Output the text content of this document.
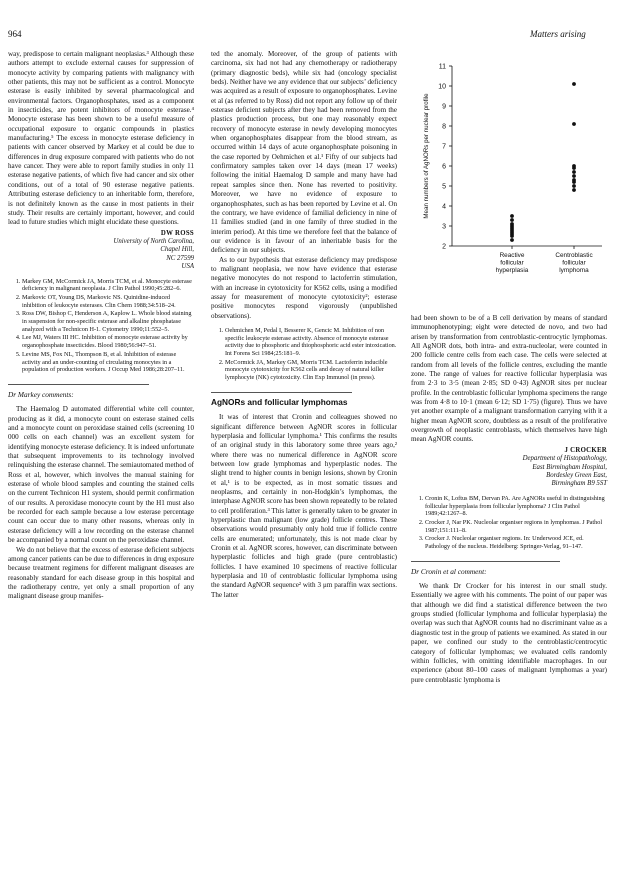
964	Matters arising

way, predispose to certain malignant neoplasias.³ Although these authors attempt to exclude external causes for suppression of monocyte activity by comparing patients with malignancy with other patients, this may not be sufficient as a control. Monocyte esterase is easily inhibited by several pharmacological and environmental factors. Organophosphates, used as a component in insecticides, are potent inhibitors of monocyte esterase.⁴ Monocyte esterase has been shown to be a useful measure of occupational exposure to organic compounds in plastics manufacturing.⁵ The excess in monocyte esterase deficiency in patients with cancer observed by Markey et al could be due to differences in drug exposure compared with patients who do not have cancer. They were able to report family studies in only 11 esterase negative patients, of which five had cancer and six other conditions, out of a total of 90 esterase negative patients. Attributing esterase deficiency to an inheritable form, therefore, is not definitely known as the cause in most patients in their study. Their results are certainly important, however, and could lead to future studies which might elucidate these questions.

DW ROSS
University of North Carolina,
Chapel Hill,
NC 27599
USA
1. Markey GM, McCormick JA, Morris TCM, et al. Monocyte esterase deficiency in malignant neoplasia. J Clin Pathol 1990;45:282–6.
2. Markovic OT, Young DS, Markovic NS. Quinidine-induced inhibition of leukocyte esterases. Clin Chem 1988;34:518–24.
3. Ross DW, Bishop C, Henderson A, Kaplow L. Whole blood staining in suspension for non-specific esterase and alkaline phosphatase analyzed with a Technicon H-1. Cytometry 1990;11:552–5.
4. Lee MJ, Waters III HC. Inhibition of monocyte esterase activity by organophosphate insecticides. Blood 1980;56:947–51.
5. Levine MS, Fox NL, Thompson B, et al. Inhibition of esterase activity and an under-counting of circulating monocytes in a population of production workers. J Occup Med 1986;28:207–11.
Dr Markey comments:

The Haemalog D automated differential white cell counter, producing as it did, a monocyte count on esterase stained cells and a monocyte count on peroxidase stained cells (screening 10 000 cells on each channel) was an excellent system for identifying monocyte esterase deficiency. It is indeed unfortunate that subsequent improvements to its technology involved relinquishing the esterase channel. The semiautomated method of Ross et al, however, which involves the manual staining for esterase of whole blood samples and counting the stained cells on the current Technicon H1 system, should permit confirmation of our results. A peroxidase monocyte count by the H1 must also be recorded for each sample because a low esterase percentage count can occur due to many other reasons, whereas only in esterase deficiency will a low recording on the esterase channel be accompanied by a normal count on the peroxidase channel.

We do not believe that the excess of esterase deficient subjects among cancer patients can be due to differences in drug exposure because treatment regimens for different malignant diseases are reasonably standard for each disease group in this hospital and the radiotherapy centre, yet only a small proportion of any malignant disease group manifes-

ted the anomaly. Moreover, of the group of patients with carcinoma, six had not had any chemotherapy or radiotherapy (primary diagnostic beds), while six had (oncology specialist beds). Neither have we any evidence that our subjects’ deficiency was acquired as a result of exposure to organophosphates. Levine et al (as referred to by Ross) did not report any follow up of their esterase deficient subjects after they had been removed from the plastics production process, but one may reasonably expect recovery of monocyte esterase in newly developing monocytes when organophosphates disappear from the blood stream, as occurred within 14 days of acute organophosphate poisoning in the case reported by Oehmichen et al.¹ Fifty of our subjects had confirmatory samples taken over 14 days (mean 17 weeks) following the initial Haemalog D sample and many have had repeat samples since then. None has reverted to positivity. Moreover, we have no evidence of exposure to organophosphates, such as has been reported by Levine et al. On the contrary, we have evidence of familial deficiency in nine of 11 families studied (and in one family of three studied in the interim period). At this time we therefore feel that the balance of our evidence is in favour of an inheritable basis for the deficiency in our subjects.

As to our hypothesis that esterase deficiency may predispose to malignant neoplasia, we now have evidence that esterase negative monocytes do not respond to lactoferrin stimulation, with an increase in cytotoxicity for K562 cells, using a modified assay for measurement of monocyte cytotoxicity²; esterase positive monocytes respond vigorously (unpublished observations).

1. Oehmichen M, Pedal I, Besserer K, Gencic M. Inhibition of non specific leukocyte esterase activity. Absence of monocyte esterase activity due to phosphoric and thiophosphoric acid ester intoxication. Int Forens Sci 1984;25:181–9.
2. McCormick JA, Markey GM, Morris TCM. Lactoferrin inducible monocyte cytotoxicity for K562 cells and decay of natural killer lymphocyte (NK) cytotoxicity. Clin Exp Immunol (in press).
AgNORs and follicular lymphomas

It was of interest that Cronin and colleagues showed no significant difference between AgNOR scores in follicular hyperplasia and follicular lymphoma.¹ This confirms the results of an original study in this laboratory some three years ago,² where there was no numerical difference in AgNOR score between low grade lymphomas and hyperplastic nodes. The slight trend to higher counts in benign lesions, shown by Cronin et al,¹ is to be expected, as in most somatic tissues and neoplasms, and certainly in non-Hodgkin’s lymphomas, the interphase AgNOR score has been shown repeatedly to be related to cell proliferation.³ This latter is generally taken to be greater in hyperplastic than malignant (low grade) follicle centres. These observations would presumably only hold true if follicle centre cells are enumerated; unfortunately, this is not made clear by Cronin et al. AgNOR scores, however, can discriminate between hyperplastic follicles and high grade (pure centroblastic) follicles. I have examined 10 specimens of reactive follicular hyperplasia and 10 of centroblastic follicular lymphoma using the standard AgNOR sequence² with 3 μm paraffin wax sections. The latter

2
3
4
5
6
7
8
9
10
11
Mean numbers of AgNORs per nuclear profile
Reactive
follicular
hyperplasia
Centroblastic
follicular
lymphoma

had been shown to be of a B cell derivation by means of standard immunophenotyping; eight were detected de novo, and two had arisen by transformation from centroblastic-centrocytic lymphomas. All AgNOR dots, both intra- and extra-nucleolar, were counted in 200 follicle centre cells from each case. The cells were selected at random from all levels of the follicle centres, excluding the mantle zone. The range of values for reactive follicular hyperplasia was from 2·3 to 3·5 (mean 2·85; SD 0·43) AgNOR sites per nuclear profile. In the centroblastic follicular lymphoma specimens the range was from 4·8 to 10·1 (mean 6·12; SD 1·75) (figure). Thus we have yet another example of a malignant transformation carrying with it a higher mean AgNOR score, doubtless as a result of the proliferative overgrowth of neoplastic centroblasts, which themselves have high mean AgNOR counts.

J CROCKER
Department of Histopathology,
East Birmingham Hospital,
Bordesley Green East,
Birmingham B9 5ST
1. Cronin K, Loftus BM, Dervan PA. Are AgNORs useful in distinguishing follicular hyperplasia from follicular lymphoma? J Clin Pathol 1989;42:1267–8.
2. Crocker J, Nar PK. Nucleolar organiser regions in lymphomas. J Pathol 1987;151:111–8.
3. Crocker J. Nucleolar organiser regions. In: Underwood JCE, ed. Pathology of the nucleus. Heidelberg: Springer-Verlag, 91–147.
Dr Cronin et al comment:

We thank Dr Crocker for his interest in our small study. Essentially we agree with his comments. The point of our paper was that although we did find a statistical difference between the two groups studied (follicular lymphoma and follicular hyperplasia) the overlap was such that AgNOR counts had no discriminant value as a diagnostic test in the group of patients we examined. As stated in our paper, we confined our study to the centroblastic/centrocytic category of follicular lymphomas; we evaluated cells randomly within follicles, with omitting identifiable macrophages. In our experience (about 80–100 cases of malignant lymphomas a year) pure centroblastic lymphoma is
